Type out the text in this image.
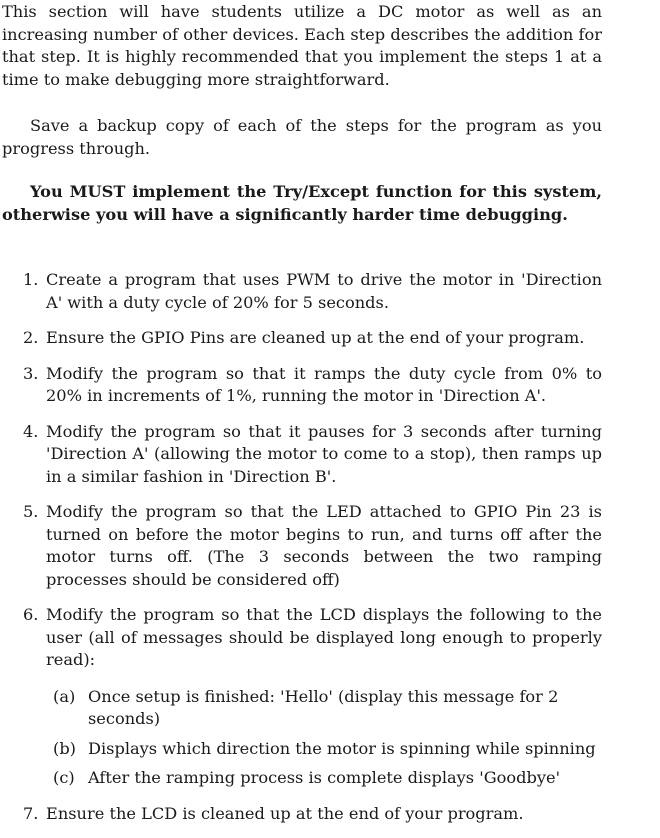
This section will have students utilize a DC motor as well as an increasing number of other devices. Each step describes the addition for that step. It is highly recommended that you implement the steps 1 at a time to make debugging more straightforward.

Save a backup copy of each of the steps for the program as you progress through.

You MUST implement the Try/Except function for this system, otherwise you will have a significantly harder time debugging.

1. Create a program that uses PWM to drive the motor in 'Direction A' with a duty cycle of 20% for 5 seconds.
2. Ensure the GPIO Pins are cleaned up at the end of your program.
3. Modify the program so that it ramps the duty cycle from 0% to 20% in increments of 1%, running the motor in 'Direction A'.
4. Modify the program so that it pauses for 3 seconds after turning 'Direction A' (allowing the motor to come to a stop), then ramps up in a similar fashion in 'Direction B'.
5. Modify the program so that the LED attached to GPIO Pin 23 is turned on before the motor begins to run, and turns off after the motor turns off. (The 3 seconds between the two ramping processes should be considered off)
6. Modify the program so that the LCD displays the following to the user (all of messages should be displayed long enough to properly read):
(a) Once setup is finished: 'Hello' (display this message for 2 seconds)
(b) Displays which direction the motor is spinning while spinning
(c) After the ramping process is complete displays 'Goodbye'
7. Ensure the LCD is cleaned up at the end of your program.
